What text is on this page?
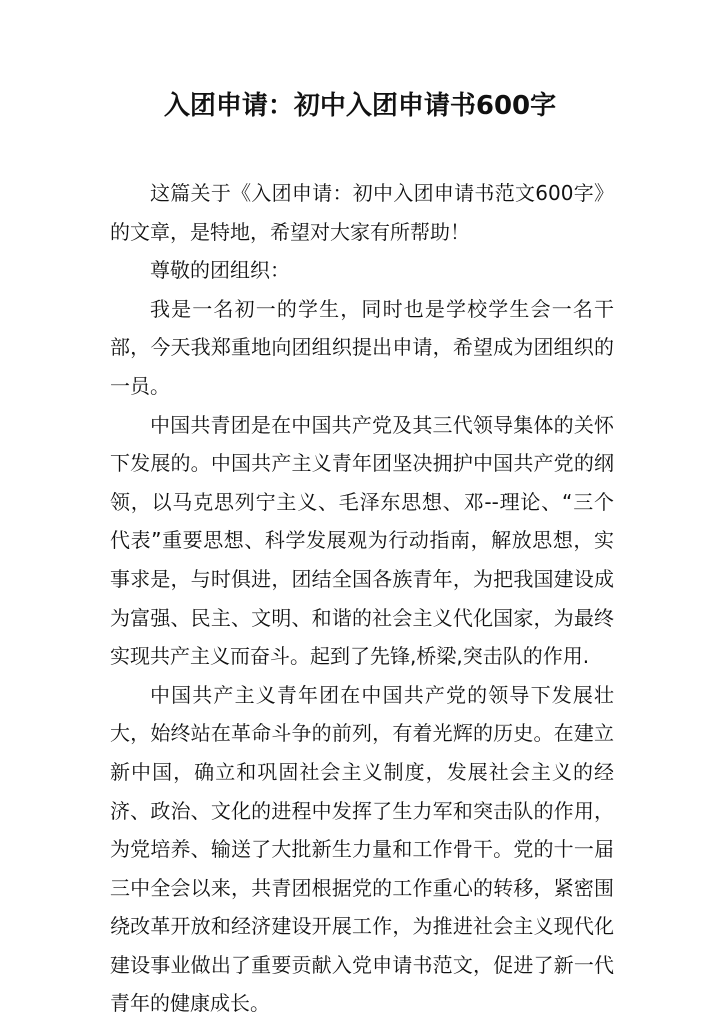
入团申请：初中入团申请书600字

这篇关于《入团申请：初中入团申请书范文600字》的文章，是特地，希望对大家有所帮助！

尊敬的团组织：

我是一名初一的学生，同时也是学校学生会一名干部，今天我郑重地向团组织提出申请，希望成为团组织的一员。

中国共青团是在中国共产党及其三代领导集体的关怀下发展的。中国共产主义青年团坚决拥护中国共产党的纲领，以马克思列宁主义、毛泽东思想、邓--理论、“三个代表”重要思想、科学发展观为行动指南，解放思想，实事求是，与时俱进，团结全国各族青年，为把我国建设成为富强、民主、文明、和谐的社会主义代化国家，为最终实现共产主义而奋斗。起到了先锋,桥梁,突击队的作用.

中国共产主义青年团在中国共产党的领导下发展壮大，始终站在革命斗争的前列，有着光辉的历史。在建立新中国，确立和巩固社会主义制度，发展社会主义的经济、政治、文化的进程中发挥了生力军和突击队的作用，为党培养、输送了大批新生力量和工作骨干。党的十一届三中全会以来，共青团根据党的工作重心的转移，紧密围绕改革开放和经济建设开展工作，为推进社会主义现代化建设事业做出了重要贡献入党申请书范文，促进了新一代青年的健康成长。
